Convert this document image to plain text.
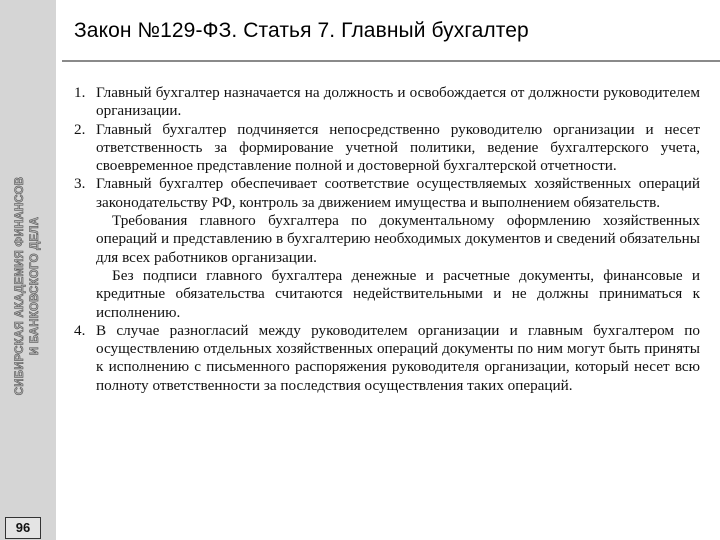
СИБИРСКАЯ АКАДЕМИЯ ФИНАНСОВ И БАНКОВСКОГО ДЕЛА
96
Закон №129-ФЗ. Статья 7. Главный бухгалтер
1. Главный бухгалтер назначается на должность и освобождается от должности руководителем организации.
2. Главный бухгалтер подчиняется непосредственно руководителю организации и несет ответственность за формирование учетной политики, ведение бухгалтерского учета, своевременное представление полной и достоверной бухгалтерской отчетности.
3. Главный бухгалтер обеспечивает соответствие осуществляемых хозяйственных операций законодательству РФ, контроль за движением имущества и выполнением обязательств.
Требования главного бухгалтера по документальному оформлению хозяйственных операций и представлению в бухгалтерию необходимых документов и сведений обязательны для всех работников организации.
Без подписи главного бухгалтера денежные и расчетные документы, финансовые и кредитные обязательства считаются недействительными и не должны приниматься к исполнению.
4. В случае разногласий между руководителем организации и главным бухгалтером по осуществлению отдельных хозяйственных операций документы по ним могут быть приняты к исполнению с письменного распоряжения руководителя организации, который несет всю полноту ответственности за последствия осуществления таких операций.
